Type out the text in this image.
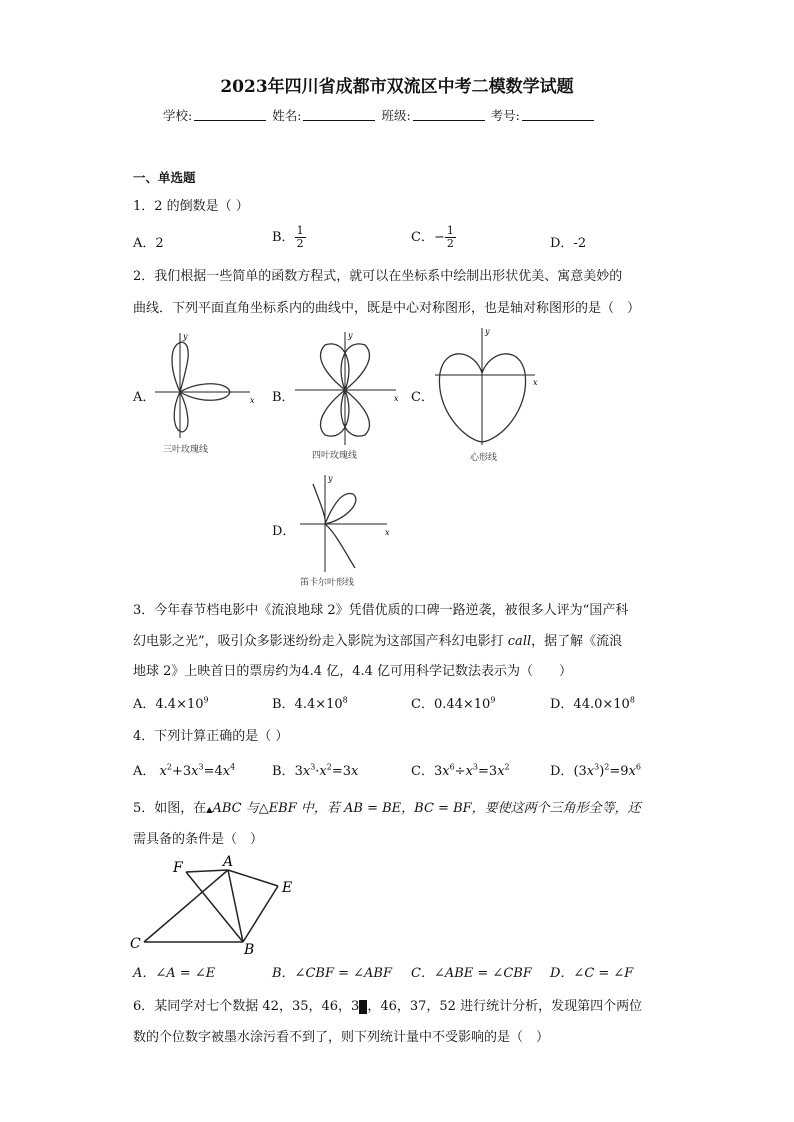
2023年四川省成都市双流区中考二模数学试题
学校:	姓名:	班级:	考号:
一、单选题
1．2 的倒数是（ ）
A．2	B． $\frac{1}{2}$	C．− $\frac{1}{2}$	D．-2
2．我们根据一些简单的函数方程式，就可以在坐标系中绘制出形状优美、寓意美妙的
曲线．下列平面直角坐标系内的曲线中，既是中心对称图形，也是轴对称图形的是（　）
A．	x
y
三叶玫瑰线
B．	x
y
四叶玫瑰线
C．
x
y
心形线
D．	x
y
笛卡尔叶形线
3．今年春节档电影中《流浪地球 2》凭借优质的口碑一路逆袭，被很多人评为“国产科
幻电影之光”，吸引众多影迷纷纷走入影院为这部国产科幻电影打 call，据了解《流浪
地球 2》上映首日的票房约为4.4 亿，4.4 亿可用科学记数法表示为（　　）
A．$4.4\times 10^9$	B．$4.4\times 10^8$	C．$0.44\times 10^9$	D．$44.0\times 10^8$
4．下列计算正确的是（ ）
A． $x^2+3x^3=4x^4$	B．$3x^3\cdot x^2=3x$	C．$3x^6\div x^3=3x^2$	D．$(3x^3)^2=9x^6$
5．如图，在▲ABC 与△EBF 中，若 AB = BE，BC = BF，要使这两个三角形全等，还
需具备的条件是（　）
F	A
E
C	B
A．∠A = ∠E	B．∠CBF = ∠ABF C．∠ABE = ∠CBF D．∠C = ∠F
6．某同学对七个数据 42，35，46，3 ，46，37，52 进行统计分析，发现第四个两位
数的个位数字被墨水涂污看不到了，则下列统计量中不受影响的是（　）
